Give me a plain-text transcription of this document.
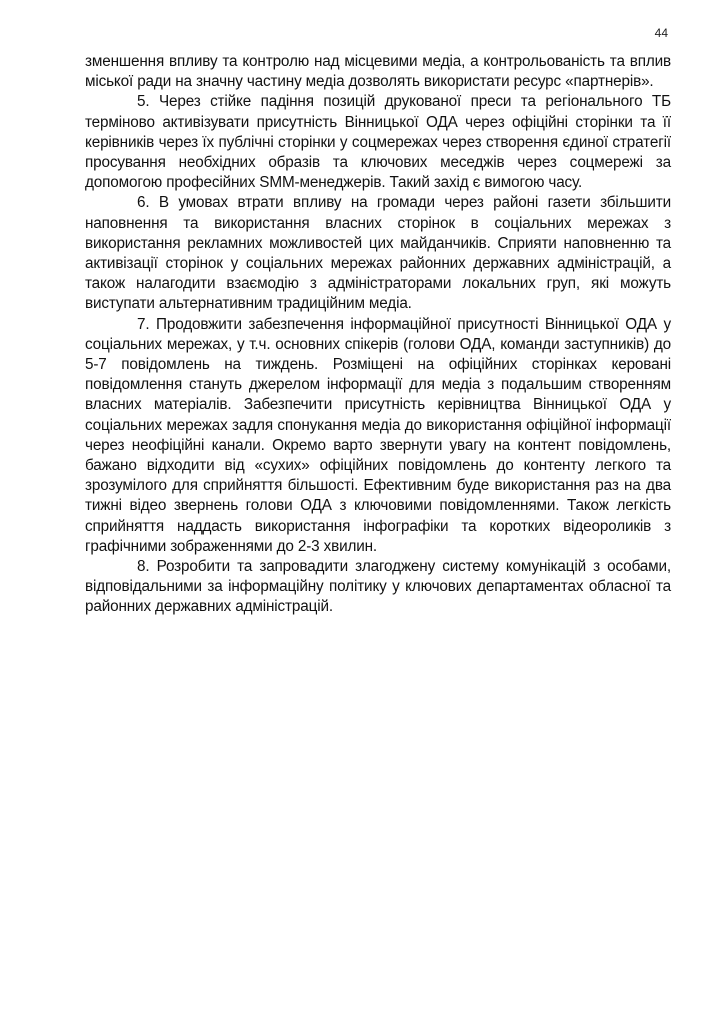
44

зменшення впливу та контролю над місцевими медіа, а контрольованість та вплив міської ради на значну частину медіа дозволять використати ресурс «партнерів».

5. Через стійке падіння позицій друкованої преси та регіонального ТБ терміново активізувати присутність Вінницької ОДА через офіційні сторінки та її керівників через їх публічні сторінки у соцмережах через створення єдиної стратегії просування необхідних образів та ключових меседжів через соцмережі за допомогою професійних SMM-менеджерів. Такий захід є вимогою часу.

6. В умовах втрати впливу на громади через районі газети збільшити наповнення та використання власних сторінок в соціальних мережах з використання рекламних можливостей цих майданчиків. Сприяти наповненню та активізації сторінок у соціальних мережах районних державних адміністрацій, а також налагодити взаємодію з адміністраторами локальних груп, які можуть виступати альтернативним традиційним медіа.

7. Продовжити забезпечення інформаційної присутності Вінницької ОДА у соціальних мережах, у т.ч. основних спікерів (голови ОДА, команди заступників) до 5-7 повідомлень на тиждень. Розміщені на офіційних сторінках керовані повідомлення стануть джерелом інформації для медіа з подальшим створенням власних матеріалів. Забезпечити присутність керівництва Вінницької ОДА у соціальних мережах задля спонукання медіа до використання офіційної інформації через неофіційні канали. Окремо варто звернути увагу на контент повідомлень, бажано відходити від «сухих» офіційних повідомлень до контенту легкого та зрозумілого для сприйняття більшості. Ефективним буде використання раз на два тижні відео звернень голови ОДА з ключовими повідомленнями. Також легкість сприйняття наддасть використання інфографіки та коротких відеороликів з графічними зображеннями до 2-3 хвилин.

8. Розробити та запровадити злагоджену систему комунікацій з особами, відповідальними за інформаційну політику у ключових департаментах обласної та районних державних адміністрацій.
